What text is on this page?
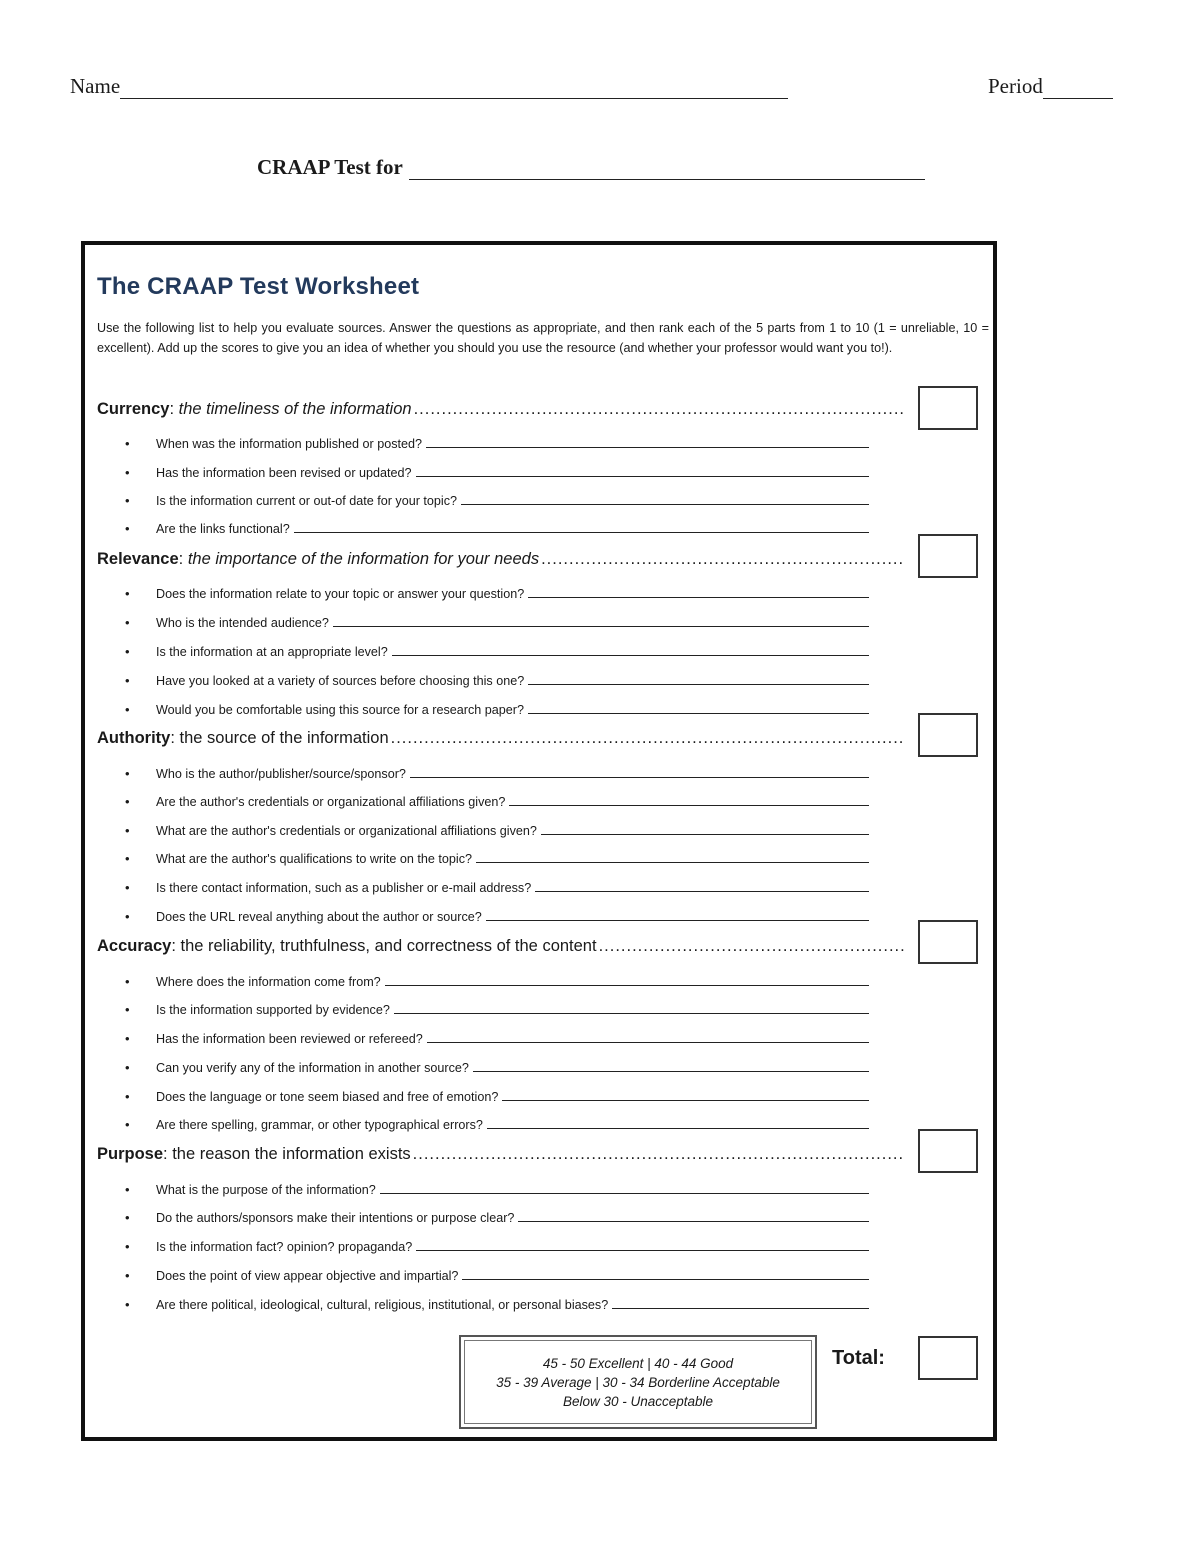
Name	Period
CRAAP Test for
The CRAAP Test Worksheet
Use the following list to help you evaluate sources. Answer the questions as appropriate, and then rank each of the 5 parts from 1 to 10 (1 = unreliable, 10 = excellent). Add up the scores to give you an idea of whether you should you use the resource (and whether your professor would want you to!).
Currency : the timeliness of the information
.....
•	When was the information published or posted?
•	Has the information been revised or updated?
•	Is the information current or out-of date for your topic?
•	Are the links functional?
Relevance : the importance of the information for your needs
.....
•	Does the information relate to your topic or answer your question?
•	Who is the intended audience?
•	Is the information at an appropriate level?
•	Have you looked at a variety of sources before choosing this one?
•	Would you be comfortable using this source for a research paper?
Authority : the source of the information
.....
•	Who is the author/publisher/source/sponsor?
•	Are the author's credentials or organizational affiliations given?
•	What are the author's credentials or organizational affiliations given?
•	What are the author's qualifications to write on the topic?
•	Is there contact information, such as a publisher or e-mail address?
•	Does the URL reveal anything about the author or source?
Accuracy : the reliability, truthfulness, and correctness of the content
.....
•	Where does the information come from?
•	Is the information supported by evidence?
•	Has the information been reviewed or refereed?
•	Can you verify any of the information in another source?
•	Does the language or tone seem biased and free of emotion?
•	Are there spelling, grammar, or other typographical errors?
Purpose : the reason the information exists
.....
•	What is the purpose of the information?
•	Do the authors/sponsors make their intentions or purpose clear?
•	Is the information fact? opinion? propaganda?
•	Does the point of view appear objective and impartial?
•	Are there political, ideological, cultural, religious, institutional, or personal biases?
45 - 50 Excellent | 40 - 44 Good
35 - 39 Average | 30 - 34 Borderline Acceptable
Below 30 - Unacceptable
Total:
